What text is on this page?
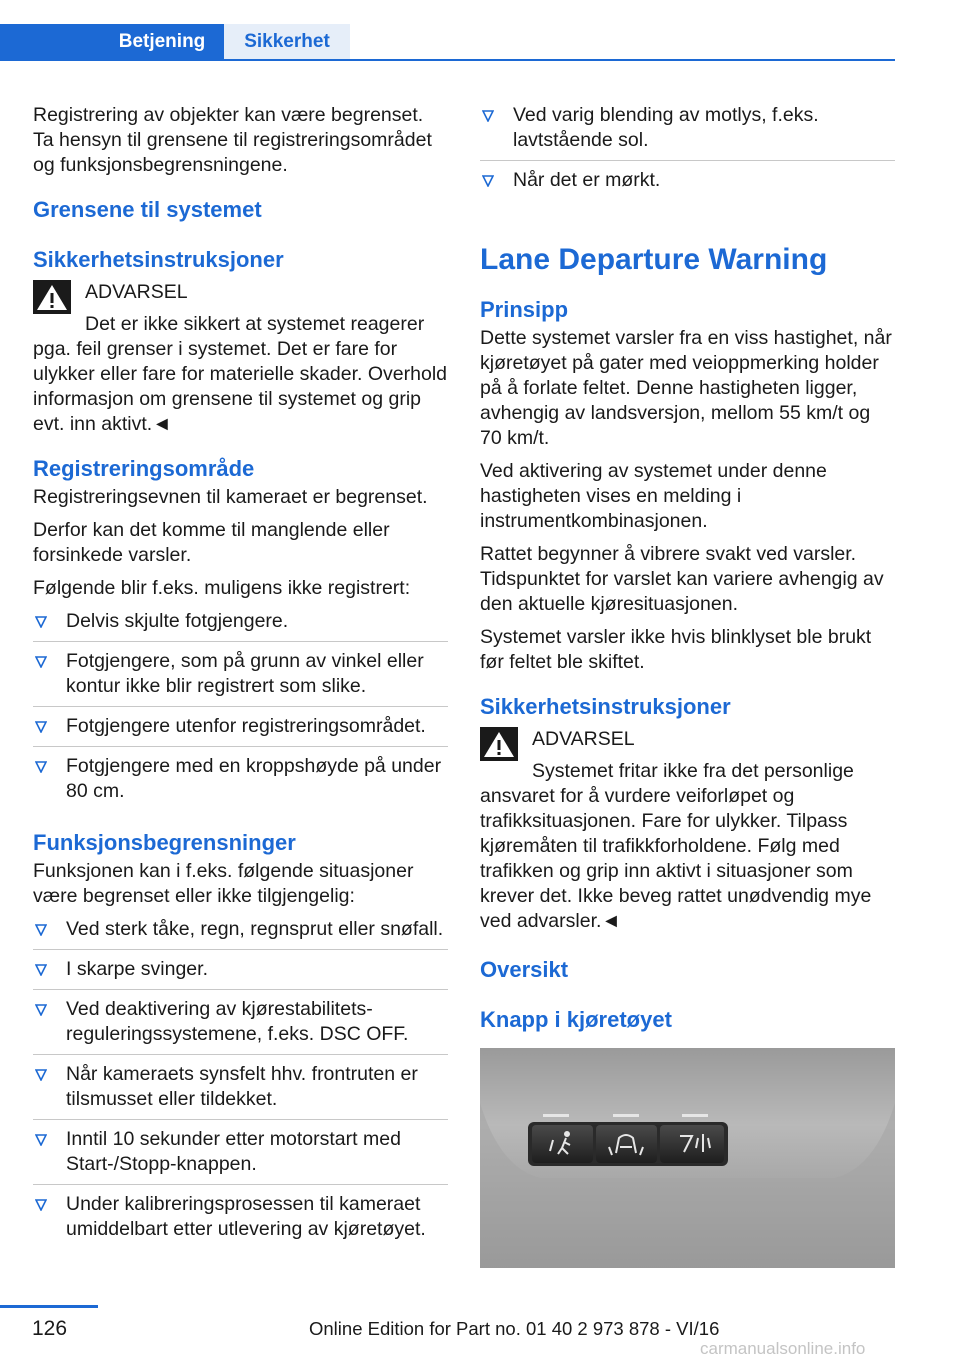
Betjening	Sikkerhet

Registrering av objekter kan være begrenset. Ta hensyn til grensene til registreringsområdet og funksjonsbegrensningene.

Grensene til systemet
Sikkerhetsinstruksjoner
ADVARSEL

Det er ikke sikkert at systemet reagerer pga. feil grenser i systemet. Det er fare for ulykker eller fare for materielle skader. Overhold informasjon om grensene til systemet og grip evt. inn aktivt.◄

Registreringsområde

Registreringsevnen til kameraet er begrenset.

Derfor kan det komme til manglende eller forsinkede varsler.

Følgende blir f.eks. muligens ikke registrert:

Delvis skjulte fotgjengere.
Fotgjengere, som på grunn av vinkel eller kontur ikke blir registrert som slike.
Fotgjengere utenfor registreringsområdet.
Fotgjengere med en kroppshøyde på under 80 cm.
Funksjonsbegrensninger

Funksjonen kan i f.eks. følgende situasjoner være begrenset eller ikke tilgjengelig:

Ved sterk tåke, regn, regnsprut eller snøfall.
I skarpe svinger.
Ved deaktivering av kjørestabilitets-reguleringssystemene, f.eks. DSC OFF.
Når kameraets synsfelt hhv. frontruten er tilsmusset eller tildekket.
Inntil 10 sekunder etter motorstart med Start-/Stopp-knappen.
Under kalibreringsprosessen til kameraet umiddelbart etter utlevering av kjøretøyet.
Ved varig blending av motlys, f.eks. lavtstående sol.
Når det er mørkt.
Lane Departure Warning
Prinsipp

Dette systemet varsler fra en viss hastighet, når kjøretøyet på gater med veioppmerking holder på å forlate feltet. Denne hastigheten ligger, avhengig av landsversjon, mellom 55 km/t og 70 km/t.

Ved aktivering av systemet under denne hastigheten vises en melding i instrumentkombinasjonen.

Rattet begynner å vibrere svakt ved varsler. Tidspunktet for varslet kan variere avhengig av den aktuelle kjøresituasjonen.

Systemet varsler ikke hvis blinklyset ble brukt før feltet ble skiftet.

Sikkerhetsinstruksjoner
ADVARSEL

Systemet fritar ikke fra det personlige ansvaret for å vurdere veiforløpet og trafikksituasjonen. Fare for ulykker. Tilpass kjøremåten til trafikkforholdene. Følg med trafikken og grip inn aktivt i situasjoner som krever det. Ikke beveg rattet unødvendig mye ved advarsler.◄

Oversikt
Knapp i kjøretøyet
126	Online Edition for Part no. 01 40 2 973 878 - VI/16
carmanualsonline.info
